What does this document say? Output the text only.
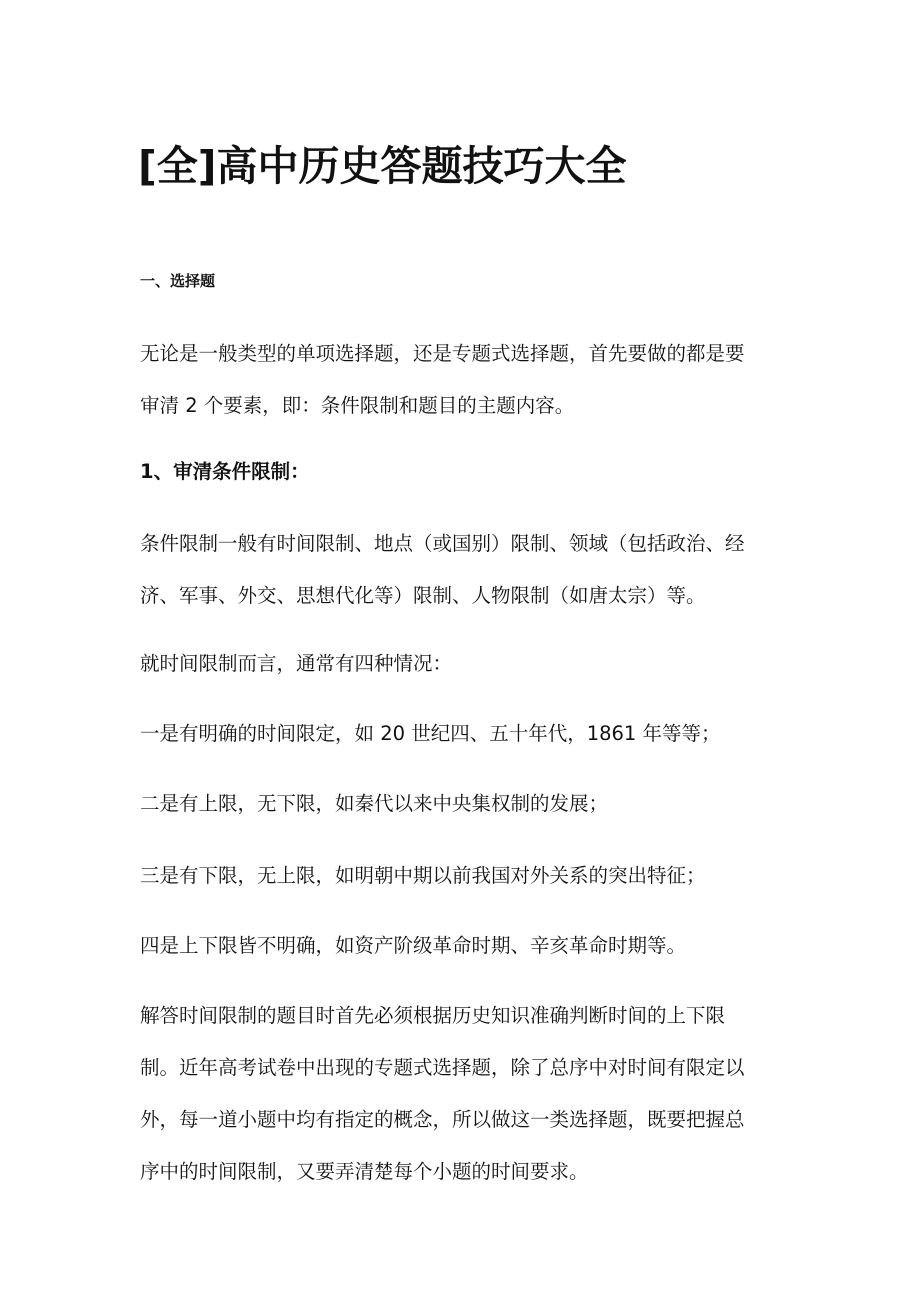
[全]高中历史答题技巧大全
一、选择题
无论是一般类型的单项选择题，还是专题式选择题，首先要做的都是要
审清 2 个要素，即：条件限制和题目的主题内容。
1、审清条件限制：
条件限制一般有时间限制、地点（或国别）限制、领域（包括政治、经
济、军事、外交、思想代化等）限制、人物限制（如唐太宗）等。
就时间限制而言，通常有四种情况：
一是有明确的时间限定，如 20 世纪四、五十年代，1861 年等等；
二是有上限，无下限，如秦代以来中央集权制的发展；
三是有下限，无上限，如明朝中期以前我国对外关系的突出特征；
四是上下限皆不明确，如资产阶级革命时期、辛亥革命时期等。
解答时间限制的题目时首先必须根据历史知识准确判断时间的上下限
制。近年高考试卷中出现的专题式选择题，除了总序中对时间有限定以
外，每一道小题中均有指定的概念，所以做这一类选择题，既要把握总
序中的时间限制，又要弄清楚每个小题的时间要求。
